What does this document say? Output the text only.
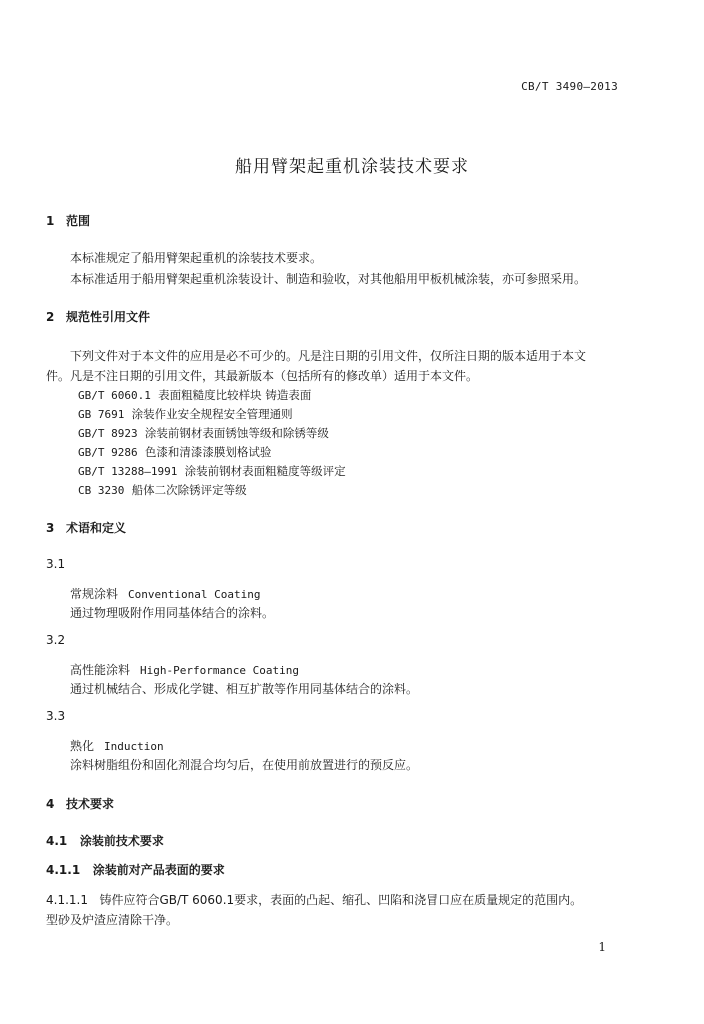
CB/T 3490—2013
船用臂架起重机涂装技术要求
1 范围
本标准规定了船用臂架起重机的涂装技术要求。
本标准适用于船用臂架起重机涂装设计、制造和验收，对其他船用甲板机械涂装，亦可参照采用。
2 规范性引用文件
下列文件对于本文件的应用是必不可少的。凡是注日期的引用文件，仅所注日期的版本适用于本文
件。凡是不注日期的引用文件，其最新版本（包括所有的修改单）适用于本文件。
GB/T 6060.1 表面粗糙度比较样块 铸造表面
GB 7691 涂装作业安全规程安全管理通则
GB/T 8923 涂装前钢材表面锈蚀等级和除锈等级
GB/T 9286 色漆和清漆漆膜划格试验
GB/T 13288—1991 涂装前钢材表面粗糙度等级评定
CB 3230 船体二次除锈评定等级
3 术语和定义
3.1
常规涂料 Conventional Coating
通过物理吸附作用同基体结合的涂料。
3.2
高性能涂料 High-Performance Coating
通过机械结合、形成化学键、相互扩散等作用同基体结合的涂料。
3.3
熟化 Induction
涂料树脂组份和固化剂混合均匀后，在使用前放置进行的预反应。
4 技术要求
4.1 涂装前技术要求
4.1.1 涂装前对产品表面的要求
4.1.1.1 铸件应符合GB/T 6060.1要求，表面的凸起、缩孔、凹陷和浇冒口应在质量规定的范围内。
型砂及炉渣应清除干净。
1
